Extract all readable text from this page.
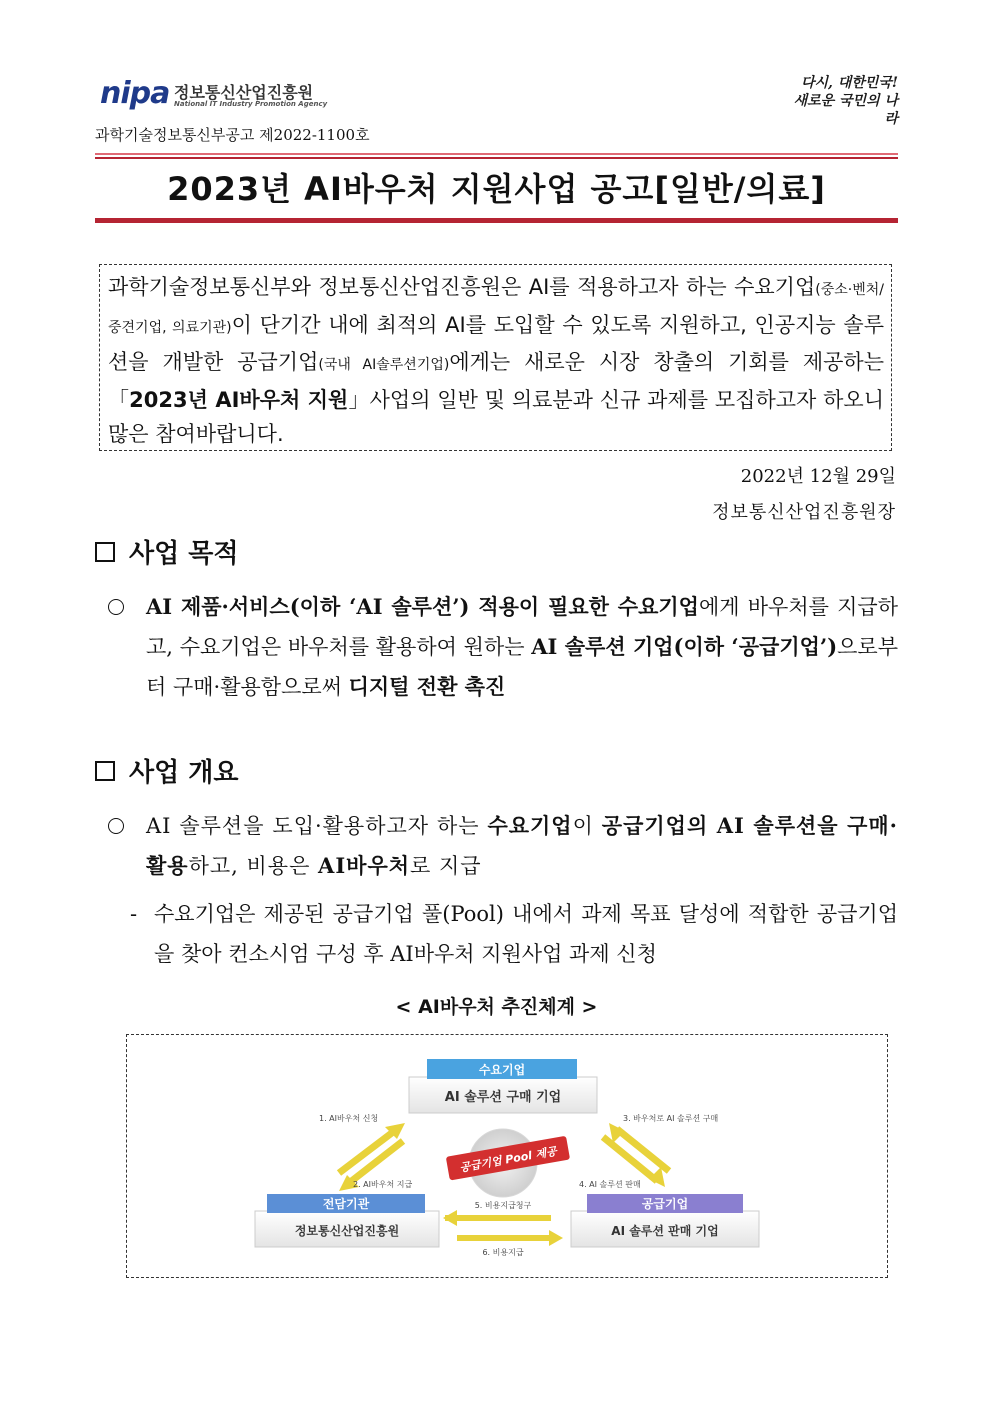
nipa 정보통신산업진흥원
National IT Industry Promotion Agency
다시, 대한민국!
새로운 국민의 나라
과학기술정보통신부공고 제2022-1100호
2023년 AI바우처 지원사업 공고[일반/의료]
과학기술정보통신부와 정보통신산업진흥원은 AI를 적용하고자 하는 수요기업(중소·벤처/중견기업, 의료기관)이 단기간 내에 최적의 AI를 도입할 수 있도록 지원하고, 인공지능 솔루션을 개발한 공급기업(국내 AI솔루션기업)에게는 새로운 시장 창출의 기회를 제공하는「2023년 AI바우처 지원」사업의 일반 및 의료분과 신규 과제를 모집하고자 하오니 많은 참여바랍니다.
2022년 12월 29일
정보통신산업진흥원장
사업 목적
AI 제품·서비스(이하 ‘AI 솔루션’) 적용이 필요한 수요기업에게 바우처를 지급하고, 수요기업은 바우처를 활용하여 원하는 AI 솔루션 기업(이하 ‘공급기업’)으로부터 구매·활용함으로써 디지털 전환 촉진
사업 개요
AI 솔루션을 도입·활용하고자 하는 수요기업이 공급기업의 AI 솔루션을 구매·활용하고, 비용은 AI바우처로 지급
- 수요기업은 제공된 공급기업 풀(Pool) 내에서 과제 목표 달성에 적합한 공급기업을 찾아 컨소시엄 구성 후 AI바우처 지원사업 과제 신청
< AI바우처 추진체계 >
수요기업
AI 솔루션 구매 기업
전담기관
정보통신산업진흥원
공급기업
AI 솔루션 판매 기업
공급기업 Pool 제공
1. AI바우처 신청
2. AI바우처 지급
3. 바우처로 AI 솔루션 구매
4. AI 솔루션 판매
5. 비용지급청구
6. 비용지급
